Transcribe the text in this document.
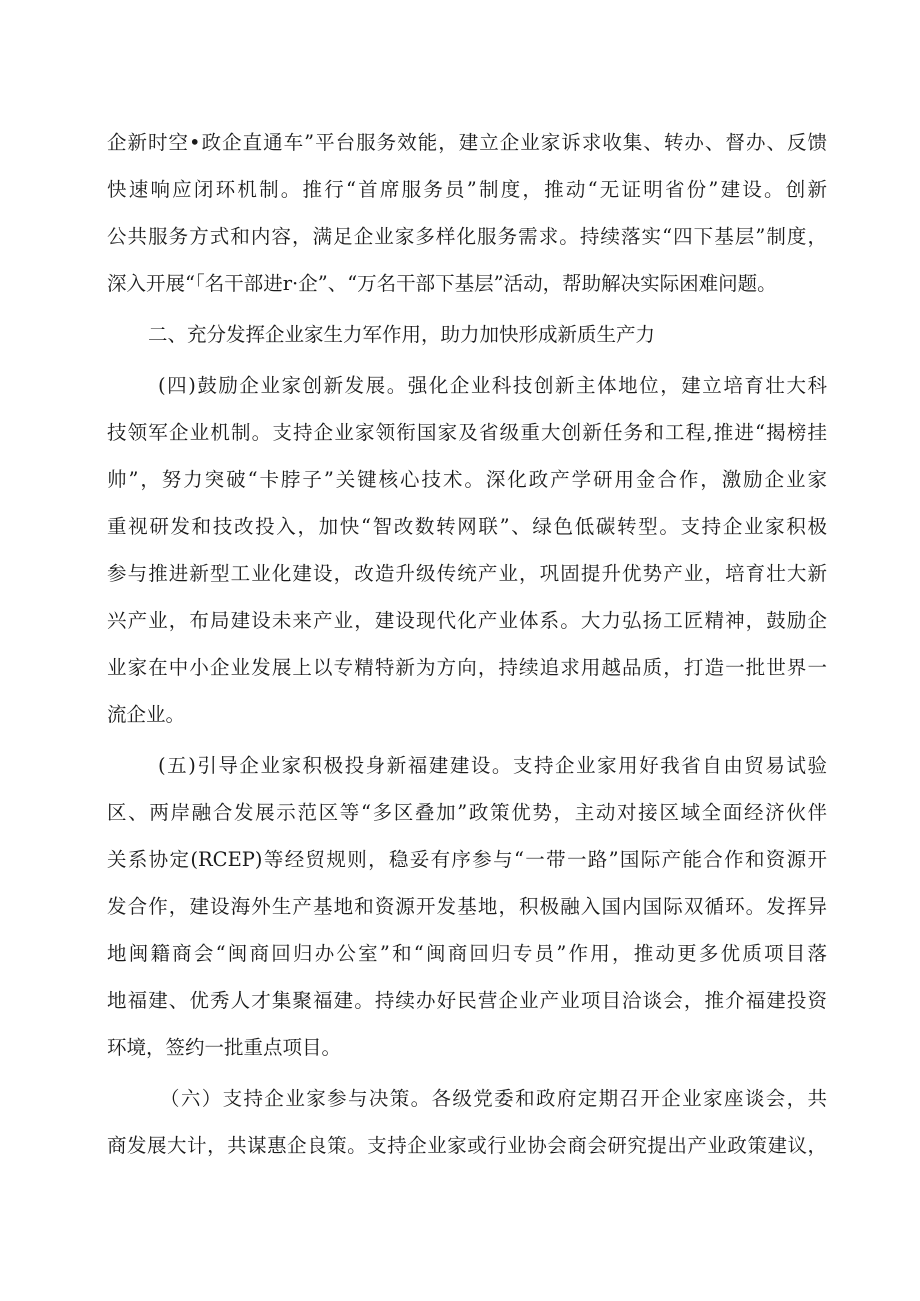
企新时空•政企直通车”平台服务效能，建立企业家诉求收集、转办、督办、反馈
快速响应闭环机制。推行“首席服务员”制度，推动“无证明省份”建设。创新
公共服务方式和内容，满足企业家多样化服务需求。持续落实“四下基层”制度，
深入开展“「名干部进r·企”、“万名干部下基层”活动，帮助解决实际困难问题。
二、充分发挥企业家生力军作用，助力加快形成新质生产力
(四)鼓励企业家创新发展。强化企业科技创新主体地位，建立培育壮大科
技领军企业机制。支持企业家领衔国家及省级重大创新任务和工程,推进“揭榜挂
帅”，努力突破“卡脖子”关键核心技术。深化政产学研用金合作，激励企业家
重视研发和技改投入，加快“智改数转网联”、绿色低碳转型。支持企业家积极
参与推进新型工业化建设，改造升级传统产业，巩固提升优势产业，培育壮大新
兴产业，布局建设未来产业，建设现代化产业体系。大力弘扬工匠精神，鼓励企
业家在中小企业发展上以专精特新为方向，持续追求用越品质，打造一批世界一
流企业。
(五)引导企业家积极投身新福建建设。支持企业家用好我省自由贸易试验
区、两岸融合发展示范区等“多区叠加”政策优势，主动对接区域全面经济伙伴
关系协定(RCEP)等经贸规则，稳妥有序参与“一带一路”国际产能合作和资源开
发合作，建设海外生产基地和资源开发基地，积极融入国内国际双循环。发挥异
地闽籍商会“闽商回归办公室”和“闽商回归专员”作用，推动更多优质项目落
地福建、优秀人才集聚福建。持续办好民营企业产业项目洽谈会，推介福建投资
环境，签约一批重点项目。
（六）支持企业家参与决策。各级党委和政府定期召开企业家座谈会，共
商发展大计，共谋惠企良策。支持企业家或行业协会商会研究提出产业政策建议，
